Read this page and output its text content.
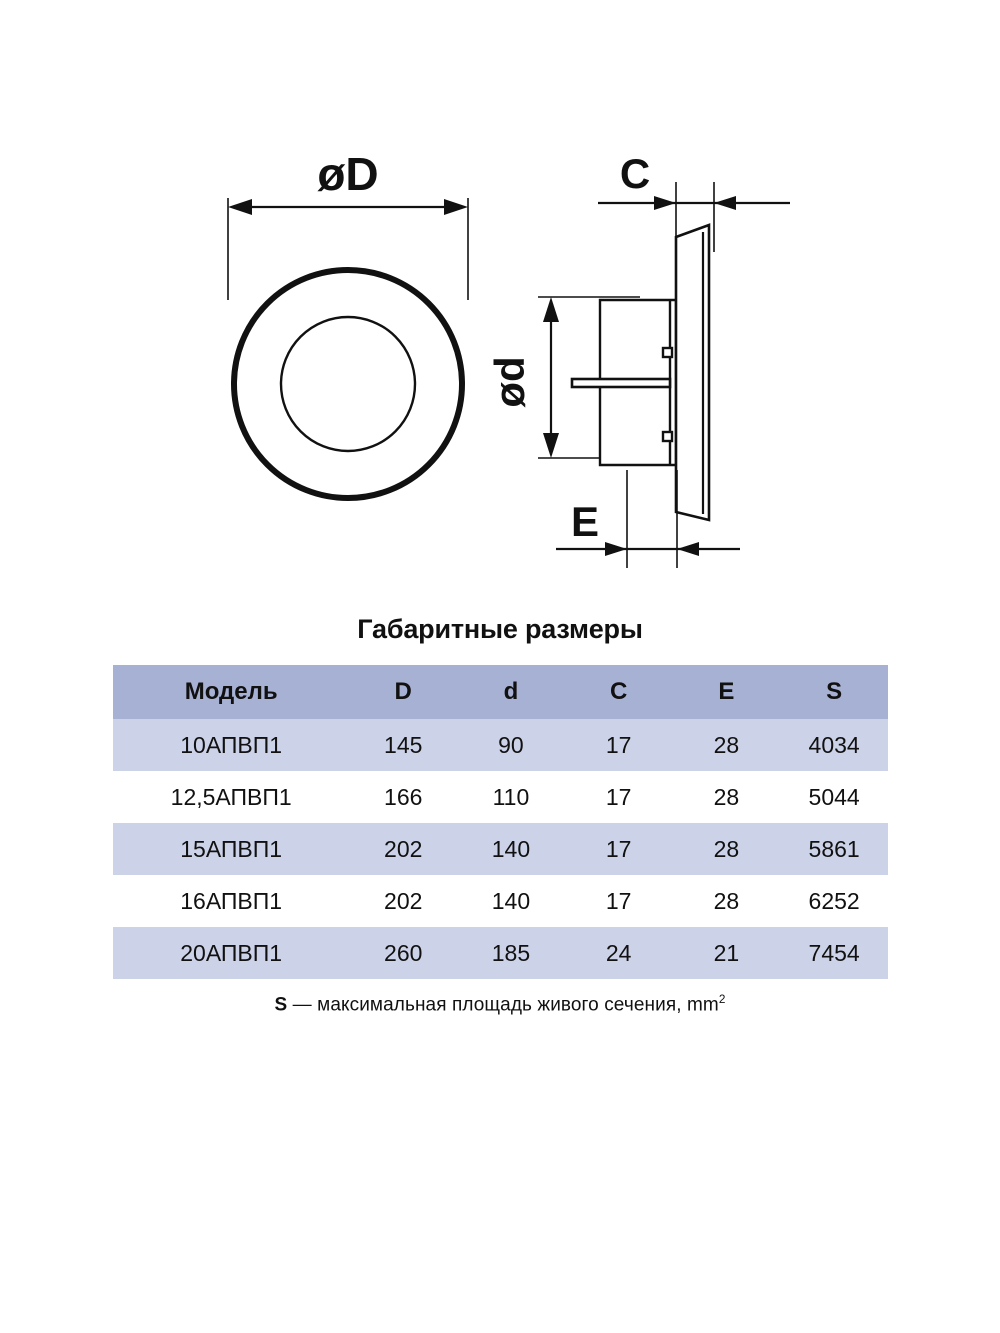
øD	C
ød
E
Габаритные размеры
Модель	D	d	C	E	S
10АПВП1	145	90	17	28	4034
12,5АПВП1	166	110	17	28	5044
15АПВП1	202	140	17	28	5861
16АПВП1	202	140	17	28	6252
20АПВП1	260	185	24	21	7454
S — максимальная площадь живого сечения, $mm^2$
